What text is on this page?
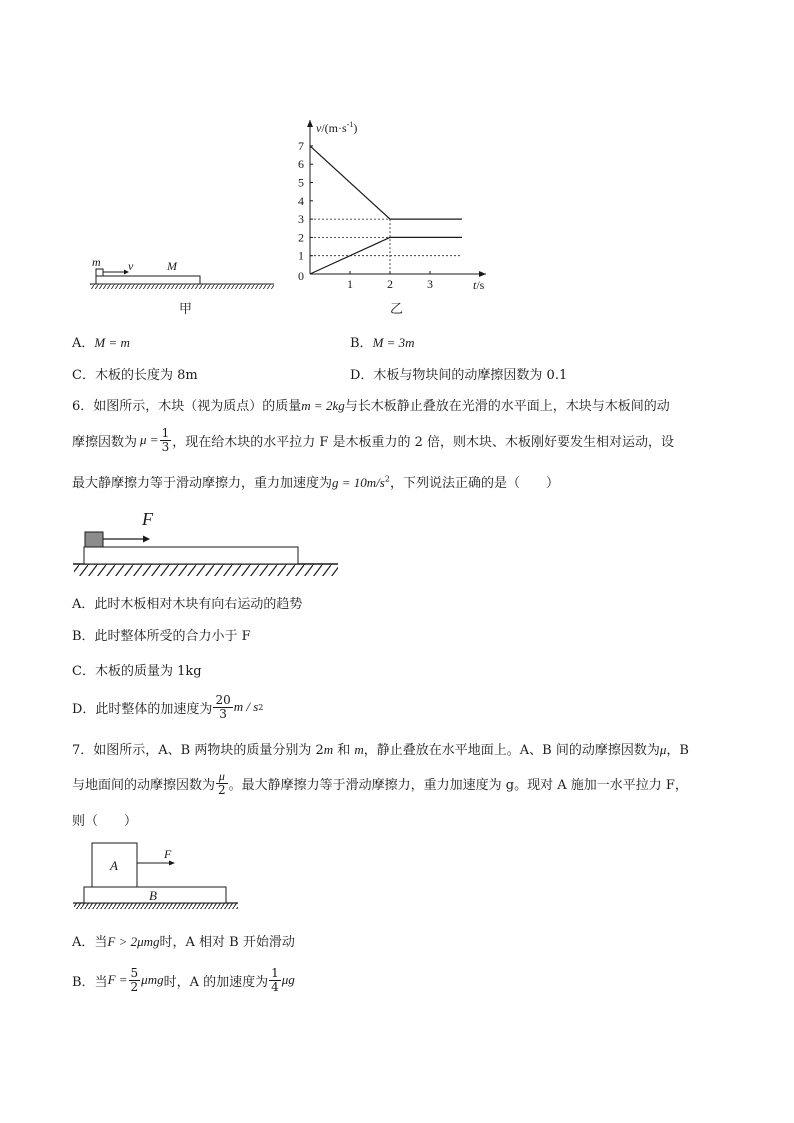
m v	M
甲
1
2
3
4
5
6
7
1	2	3
$v/(m\cdot s^{-1})$
t/s
0
乙
A．M = m	B．M = 3m
C．木板的长度为 8m	D．木板与物块间的动摩擦因数为 0.1
6．如图所示，木块（视为质点）的质量m = 2kg与长木板静止叠放在光滑的水平面上，木块与木板间的动
摩擦因数为 $\mu = \frac{1}{3}$ ，现在给木块的水平拉力 F 是木板重力的 2 倍，则木块、木板刚好要发生相对运动，设
最大静摩擦力等于滑动摩擦力，重力加速度为$g = 10m/s^2$，下列说法正确的是（　　）
F
A．此时木板相对木块有向右运动的趋势
B．此时整体所受的合力小于 F
C．木板的质量为 1kg
D．此时整体的加速度为 $\frac{20}{3}$ m / s 2
7．如图所示，A、B 两物块的质量分别为 2m 和 m，静止叠放在水平地面上。A、B 间的动摩擦因数为μ，B
与地面间的动摩擦因数为 $\frac{\mu}{2}$ 。最大静摩擦力等于滑动摩擦力，重力加速度为 g。现对 A 施加一水平拉力 F，
则（　　）
A
F
B
A．当F > 2μmg时，A 相对 B 开始滑动
B．当 $F = \frac{5}{2}$ μmg 时，A 的加速度为 $\frac{1}{4}$ μg
